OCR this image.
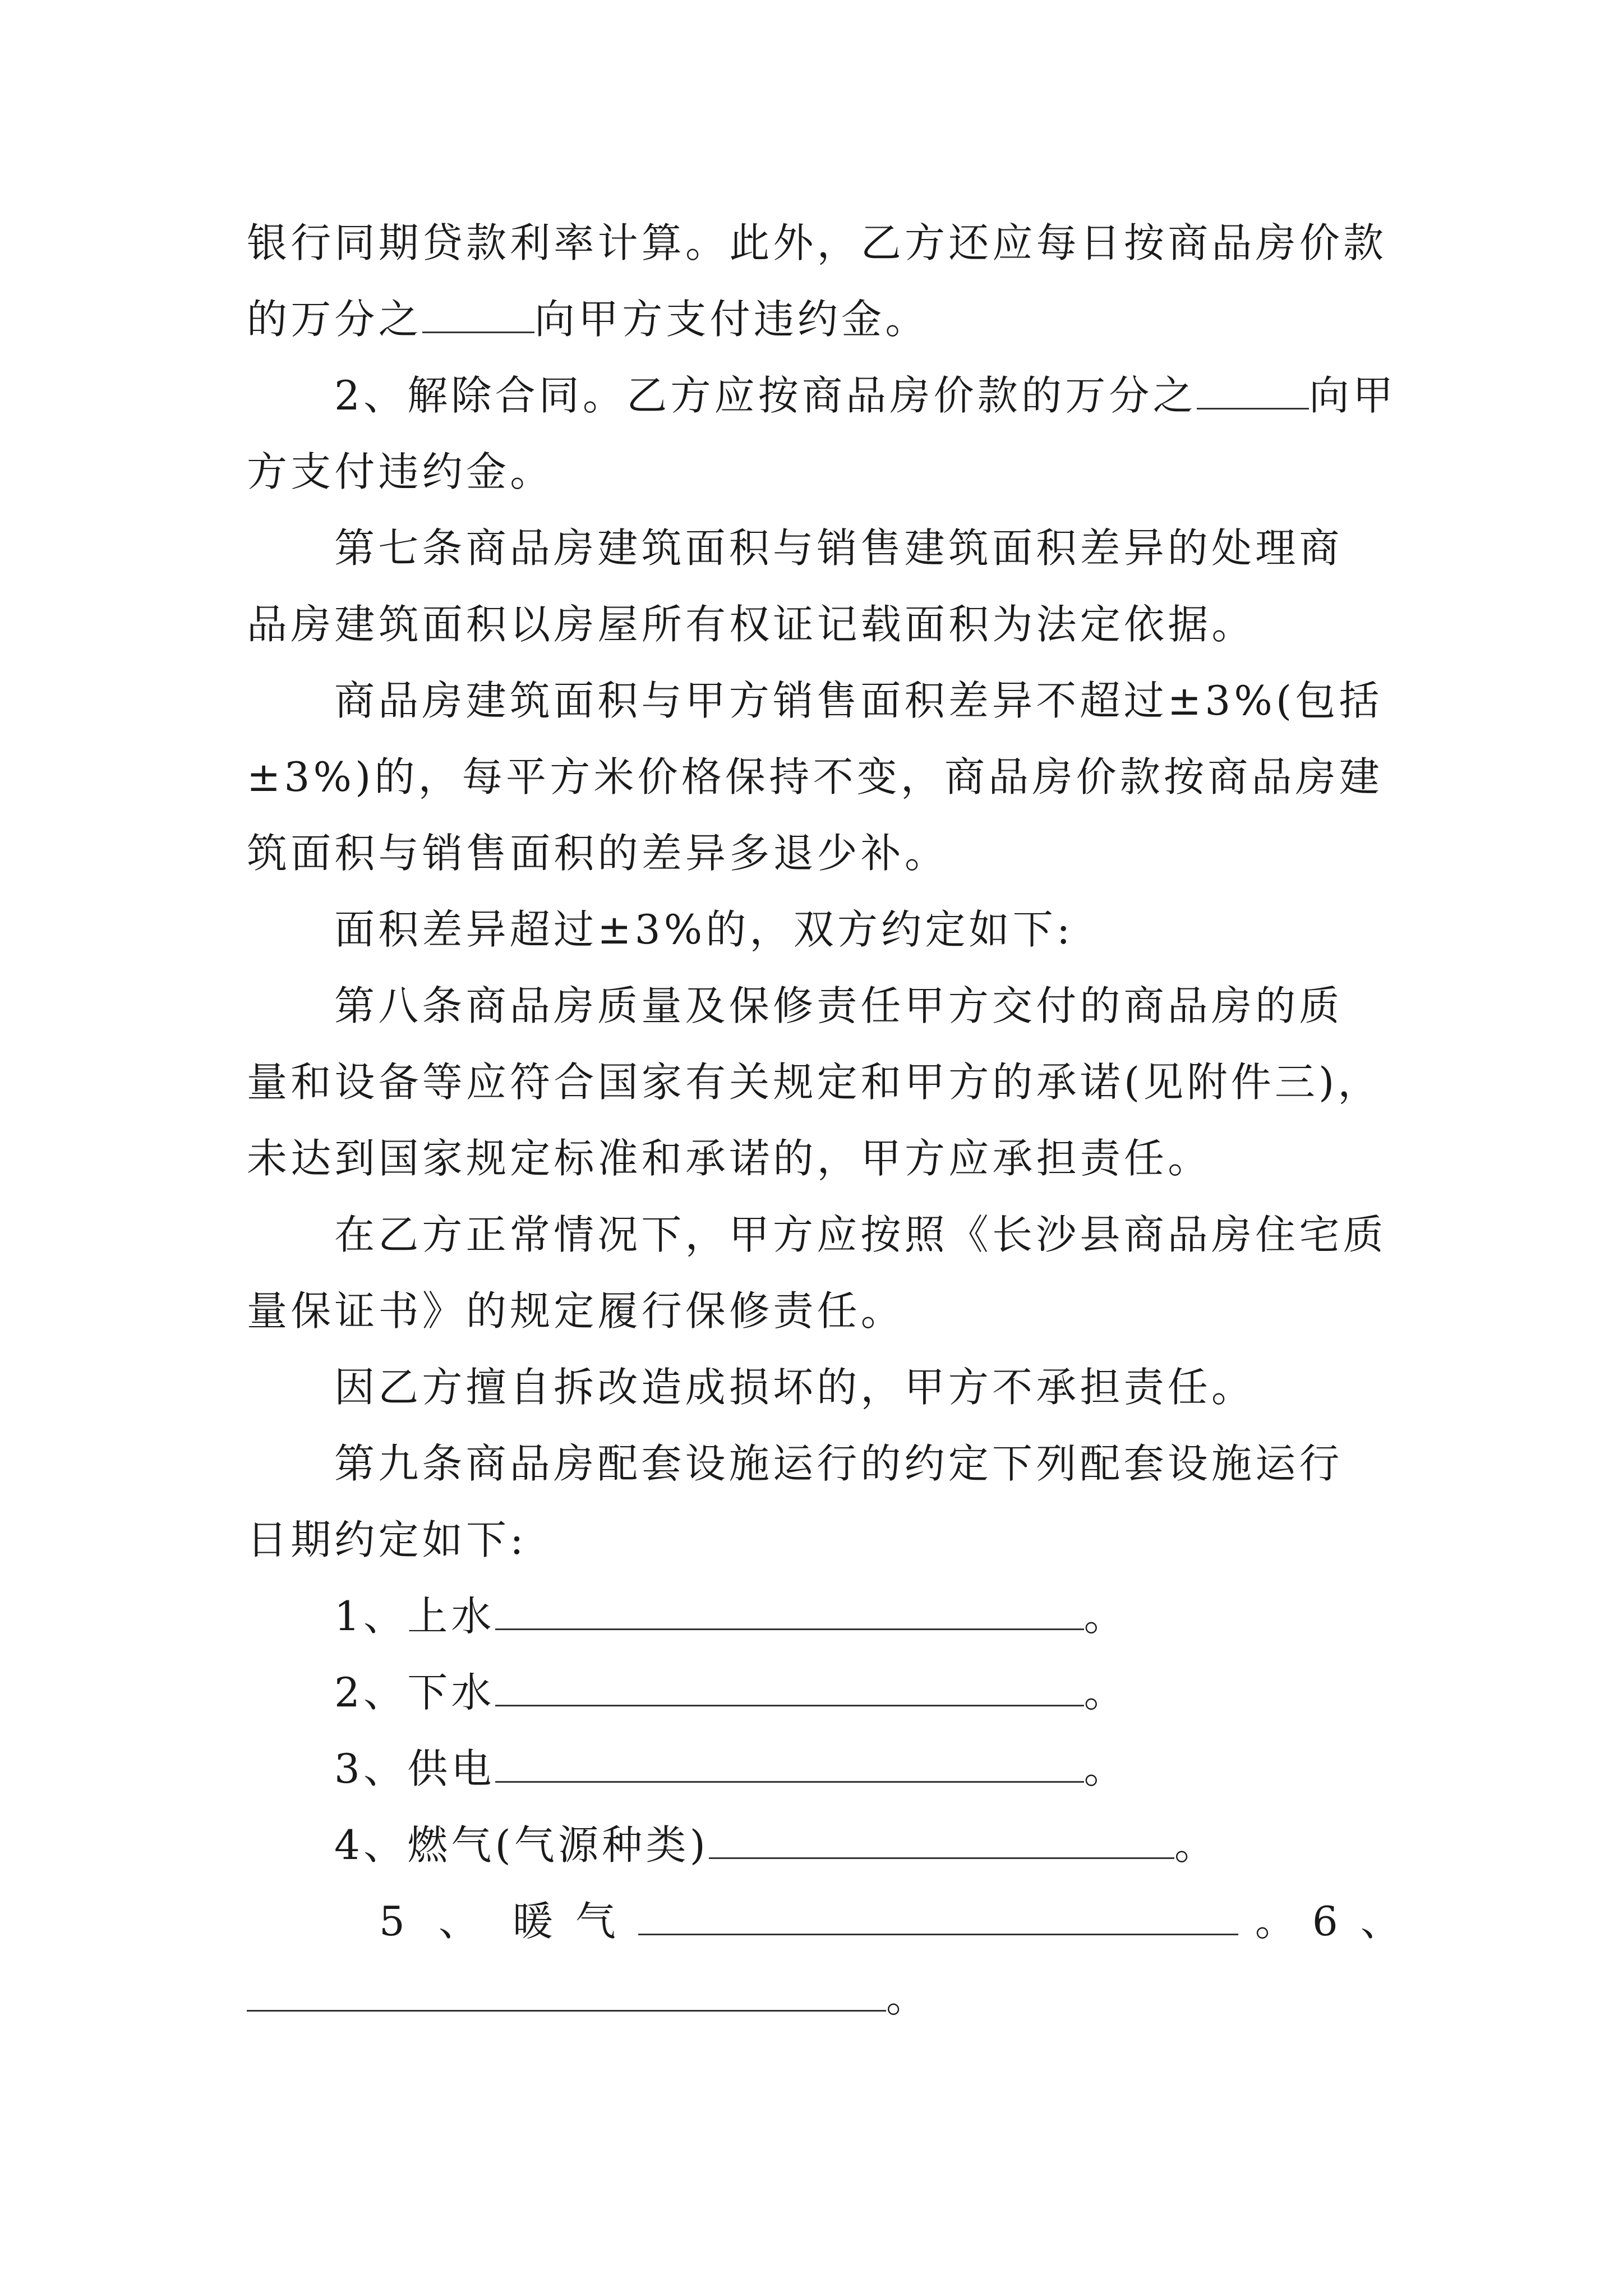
银行同期贷款利率计算。此外，乙方还应每日按商品房价款
的万分之	向甲方支付违约金。
2、解除合同。乙方应按商品房价款的万分之	向甲
方支付违约金。
第七条商品房建筑面积与销售建筑面积差异的处理商
品房建筑面积以房屋所有权证记载面积为法定依据。
商品房建筑面积与甲方销售面积差异不超过±3%(包括
±3%)的，每平方米价格保持不变，商品房价款按商品房建
筑面积与销售面积的差异多退少补。
面积差异超过±3%的，双方约定如下:
第八条商品房质量及保修责任甲方交付的商品房的质
量和设备等应符合国家有关规定和甲方的承诺(见附件三)，
未达到国家规定标准和承诺的，甲方应承担责任。
在乙方正常情况下，甲方应按照《长沙县商品房住宅质
量保证书》的规定履行保修责任。
因乙方擅自拆改造成损坏的，甲方不承担责任。
第九条商品房配套设施运行的约定下列配套设施运行
日期约定如下:
1、上水	。
2、下水	。
3、供电	。
4、燃气(气源种类)	。
5 、 暖 气	。 6 、
。
